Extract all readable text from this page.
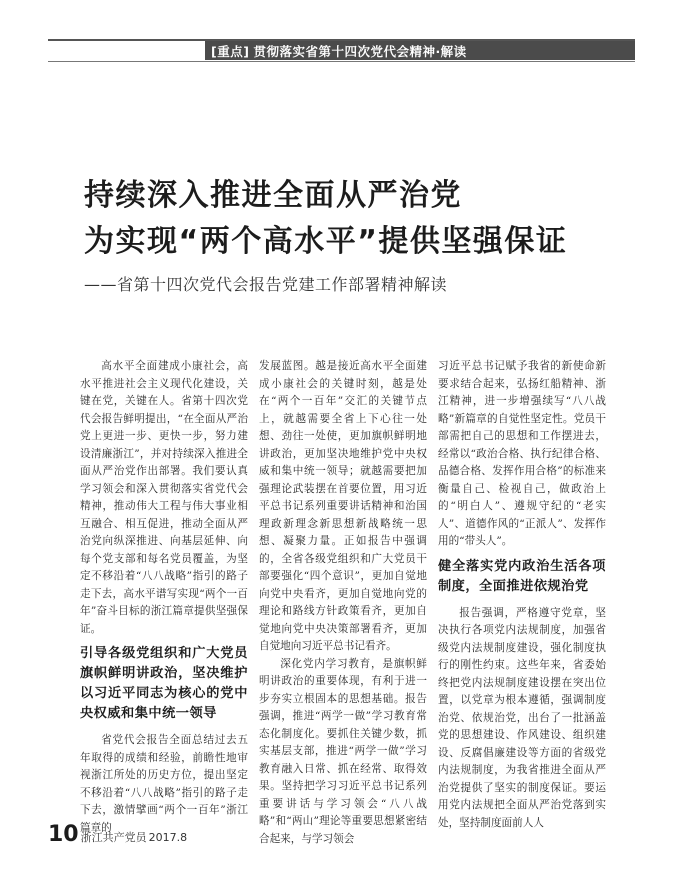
[重点] 贯彻落实省第十四次党代会精神·解读
持续深入推进全面从严治党
为实现“两个高水平”提供坚强保证
——省第十四次党代会报告党建工作部署精神解读

高水平全面建成小康社会，高水平推进社会主义现代化建设，关键在党，关键在人。省第十四次党代会报告鲜明提出，“在全面从严治党上更进一步、更快一步，努力建设清廉浙江”，并对持续深入推进全面从严治党作出部署。我们要认真学习领会和深入贯彻落实省党代会精神，推动伟大工程与伟大事业相互融合、相互促进，推动全面从严治党向纵深推进、向基层延伸、向每个党支部和每名党员覆盖，为坚定不移沿着“八八战略”指引的路子走下去，高水平谱写实现“两个一百年”奋斗目标的浙江篇章提供坚强保证。

引导各级党组织和广大党员旗帜鲜明讲政治，坚决维护以习近平同志为核心的党中央权威和集中统一领导

省党代会报告全面总结过去五年取得的成绩和经验，前瞻性地审视浙江所处的历史方位，提出坚定不移沿着“八八战略”指引的路子走下去，激情擘画“两个一百年”浙江篇章的

发展蓝图。越是接近高水平全面建成小康社会的关键时刻，越是处在“两个一百年”交汇的关键节点上，就越需要全省上下心往一处想、劲往一处使，更加旗帜鲜明地讲政治，更加坚决地维护党中央权威和集中统一领导；就越需要把加强理论武装摆在首要位置，用习近平总书记系列重要讲话精神和治国理政新理念新思想新战略统一思想、凝聚力量。正如报告中强调的，全省各级党组织和广大党员干部要强化“四个意识”，更加自觉地向党中央看齐，更加自觉地向党的理论和路线方针政策看齐，更加自觉地向党中央决策部署看齐，更加自觉地向习近平总书记看齐。

深化党内学习教育，是旗帜鲜明讲政治的重要体现，有利于进一步夯实立根固本的思想基础。报告强调，推进“两学一做”学习教育常态化制度化。要抓住关键少数，抓实基层支部，推进“两学一做”学习教育融入日常、抓在经常、取得效果。坚持把学习习近平总书记系列重要讲话与学习领会“八八战略”和“两山”理论等重要思想紧密结合起来，与学习领会

习近平总书记赋予我省的新使命新要求结合起来，弘扬红船精神、浙江精神，进一步增强续写“八八战略”新篇章的自觉性坚定性。党员干部需把自己的思想和工作摆进去，经常以“政治合格、执行纪律合格、品德合格、发挥作用合格”的标准来衡量自己、检视自己，做政治上的“明白人”、遵规守纪的“老实人”、道德作风的“正派人”、发挥作用的“带头人”。

健全落实党内政治生活各项制度，全面推进依规治党

报告强调，严格遵守党章，坚决执行各项党内法规制度，加强省级党内法规制度建设，强化制度执行的刚性约束。这些年来，省委始终把党内法规制度建设摆在突出位置，以党章为根本遵循，强调制度治党、依规治党，出台了一批涵盖党的思想建设、作风建设、组织建设、反腐倡廉建设等方面的省级党内法规制度，为我省推进全面从严治党提供了坚实的制度保证。要运用党内法规把全面从严治党落到实处，坚持制度面前人人

10 浙江共产党员 2017.8
